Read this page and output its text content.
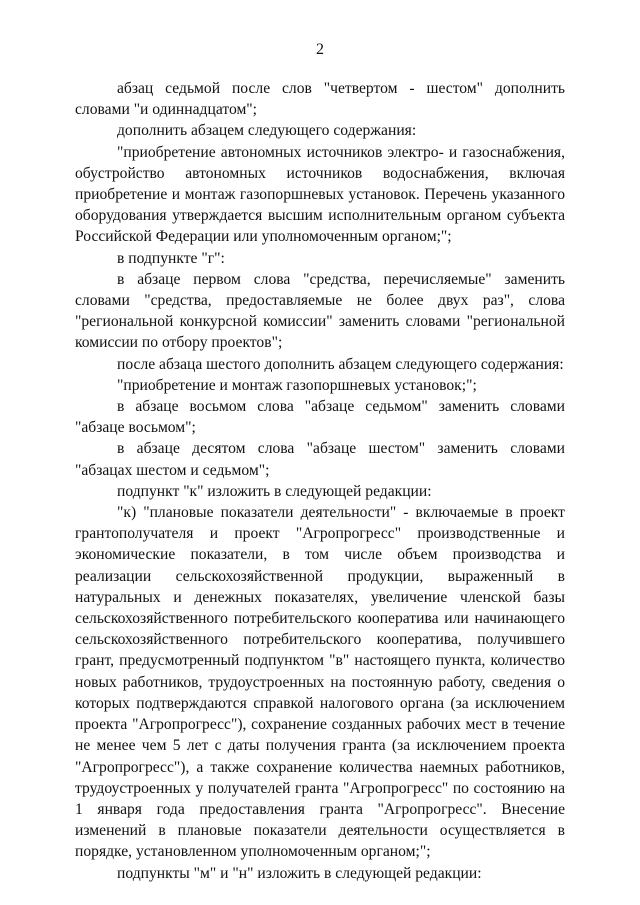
2

абзац седьмой после слов "четвертом - шестом" дополнить словами "и одиннадцатом";

дополнить абзацем следующего содержания:

"приобретение автономных источников электро- и газоснабжения, обустройство автономных источников водоснабжения, включая приобретение и монтаж газопоршневых установок. Перечень указанного оборудования утверждается высшим исполнительным органом субъекта Российской Федерации или уполномоченным органом;";

в подпункте "г":

в абзаце первом слова "средства, перечисляемые" заменить словами "средства, предоставляемые не более двух раз", слова "региональной конкурсной комиссии" заменить словами "региональной комиссии по отбору проектов";

после абзаца шестого дополнить абзацем следующего содержания:

"приобретение и монтаж газопоршневых установок;";

в абзаце восьмом слова "абзаце седьмом" заменить словами "абзаце восьмом";

в абзаце десятом слова "абзаце шестом" заменить словами "абзацах шестом и седьмом";

подпункт "к" изложить в следующей редакции:

"к) "плановые показатели деятельности" - включаемые в проект грантополучателя и проект "Агропрогресс" производственные и экономические показатели, в том числе объем производства и реализации сельскохозяйственной продукции, выраженный в натуральных и денежных показателях, увеличение членской базы сельскохозяйственного потребительского кооператива или начинающего сельскохозяйственного потребительского кооператива, получившего грант, предусмотренный подпунктом "в" настоящего пункта, количество новых работников, трудоустроенных на постоянную работу, сведения о которых подтверждаются справкой налогового органа (за исключением проекта "Агропрогресс"), сохранение созданных рабочих мест в течение не менее чем 5 лет с даты получения гранта (за исключением проекта "Агропрогресс"), а также сохранение количества наемных работников, трудоустроенных у получателей гранта "Агропрогресс" по состоянию на 1 января года предоставления гранта "Агропрогресс". Внесение изменений в плановые показатели деятельности осуществляется в порядке, установленном уполномоченным органом;";

подпункты "м" и "н" изложить в следующей редакции:
